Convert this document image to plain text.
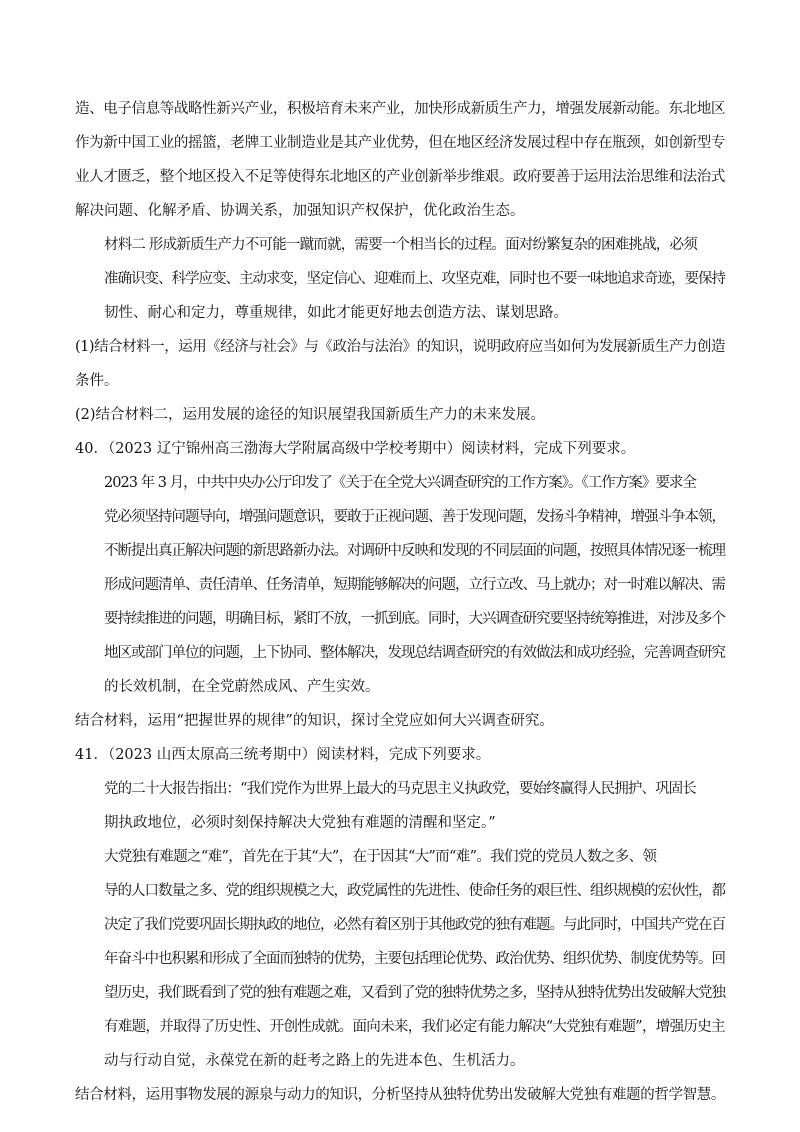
造、电子信息等战略性新兴产业，积极培育未来产业，加快形成新质生产力，增强发展新动能。东北地区
作为新中国工业的摇篮，老牌工业制造业是其产业优势，但在地区经济发展过程中存在瓶颈，如创新型专
业人才匮乏，整个地区投入不足等使得东北地区的产业创新举步维艰。政府要善于运用法治思维和法治式
解决问题、化解矛盾、协调关系，加强知识产权保护，优化政治生态。
材料二 形成新质生产力不可能一蹴而就，需要一个相当长的过程。面对纷繁复杂的困难挑战，必须
准确识变、科学应变、主动求变，坚定信心、迎难而上、攻坚克难，同时也不要一味地追求奇迹，要保持
韧性、耐心和定力，尊重规律，如此才能更好地去创造方法、谋划思路。
(1)结合材料一，运用《经济与社会》与《政治与法治》的知识，说明政府应当如何为发展新质生产力创造
条件。
(2)结合材料二，运用发展的途径的知识展望我国新质生产力的未来发展。
40．（2023 辽宁锦州高三渤海大学附属高级中学校考期中）阅读材料，完成下列要求。
2023 年 3 月，中共中央办公厅印发了《关于在全党大兴调查研究的工作方案》。《工作方案》要求全
党必须坚持问题导向，增强问题意识，要敢于正视问题、善于发现问题，发扬斗争精神，增强斗争本领，
不断提出真正解决问题的新思路新办法。对调研中反映和发现的不同层面的问题，按照具体情况逐一梳理
形成问题清单、责任清单、任务清单，短期能够解决的问题，立行立改、马上就办；对一时难以解决、需
要持续推进的问题，明确目标，紧盯不放，一抓到底。同时，大兴调查研究要坚持统筹推进，对涉及多个
地区或部门单位的问题，上下协同、整体解决，发现总结调查研究的有效做法和成功经验，完善调查研究
的长效机制，在全党蔚然成风、产生实效。
结合材料，运用“把握世界的规律”的知识，探讨全党应如何大兴调查研究。
41．（2023 山西太原高三统考期中）阅读材料，完成下列要求。
党的二十大报告指出：“我们党作为世界上最大的马克思主义执政党，要始终赢得人民拥护、巩固长
期执政地位，必须时刻保持解决大党独有难题的清醒和坚定。”
大党独有难题之“难”，首先在于其“大”，在于因其“大”而“难”。我们党的党员人数之多、领
导的人口数量之多、党的组织规模之大，政党属性的先进性、使命任务的艰巨性、组织规模的宏伙性，都
决定了我们党要巩固长期执政的地位，必然有着区别于其他政党的独有难题。与此同时，中国共产党在百
年奋斗中也积累和形成了全面而独特的优势，主要包括理论优势、政治优势、组织优势、制度优势等。回
望历史，我们既看到了党的独有难题之难，又看到了党的独特优势之多，坚持从独特优势出发破解大党独
有难题，并取得了历史性、开创性成就。面向未来，我们必定有能力解决“大党独有难题”，增强历史主
动与行动自觉，永葆党在新的赶考之路上的先进本色、生机活力。
结合材料，运用事物发展的源泉与动力的知识，分析坚持从独特优势出发破解大党独有难题的哲学智慧。
